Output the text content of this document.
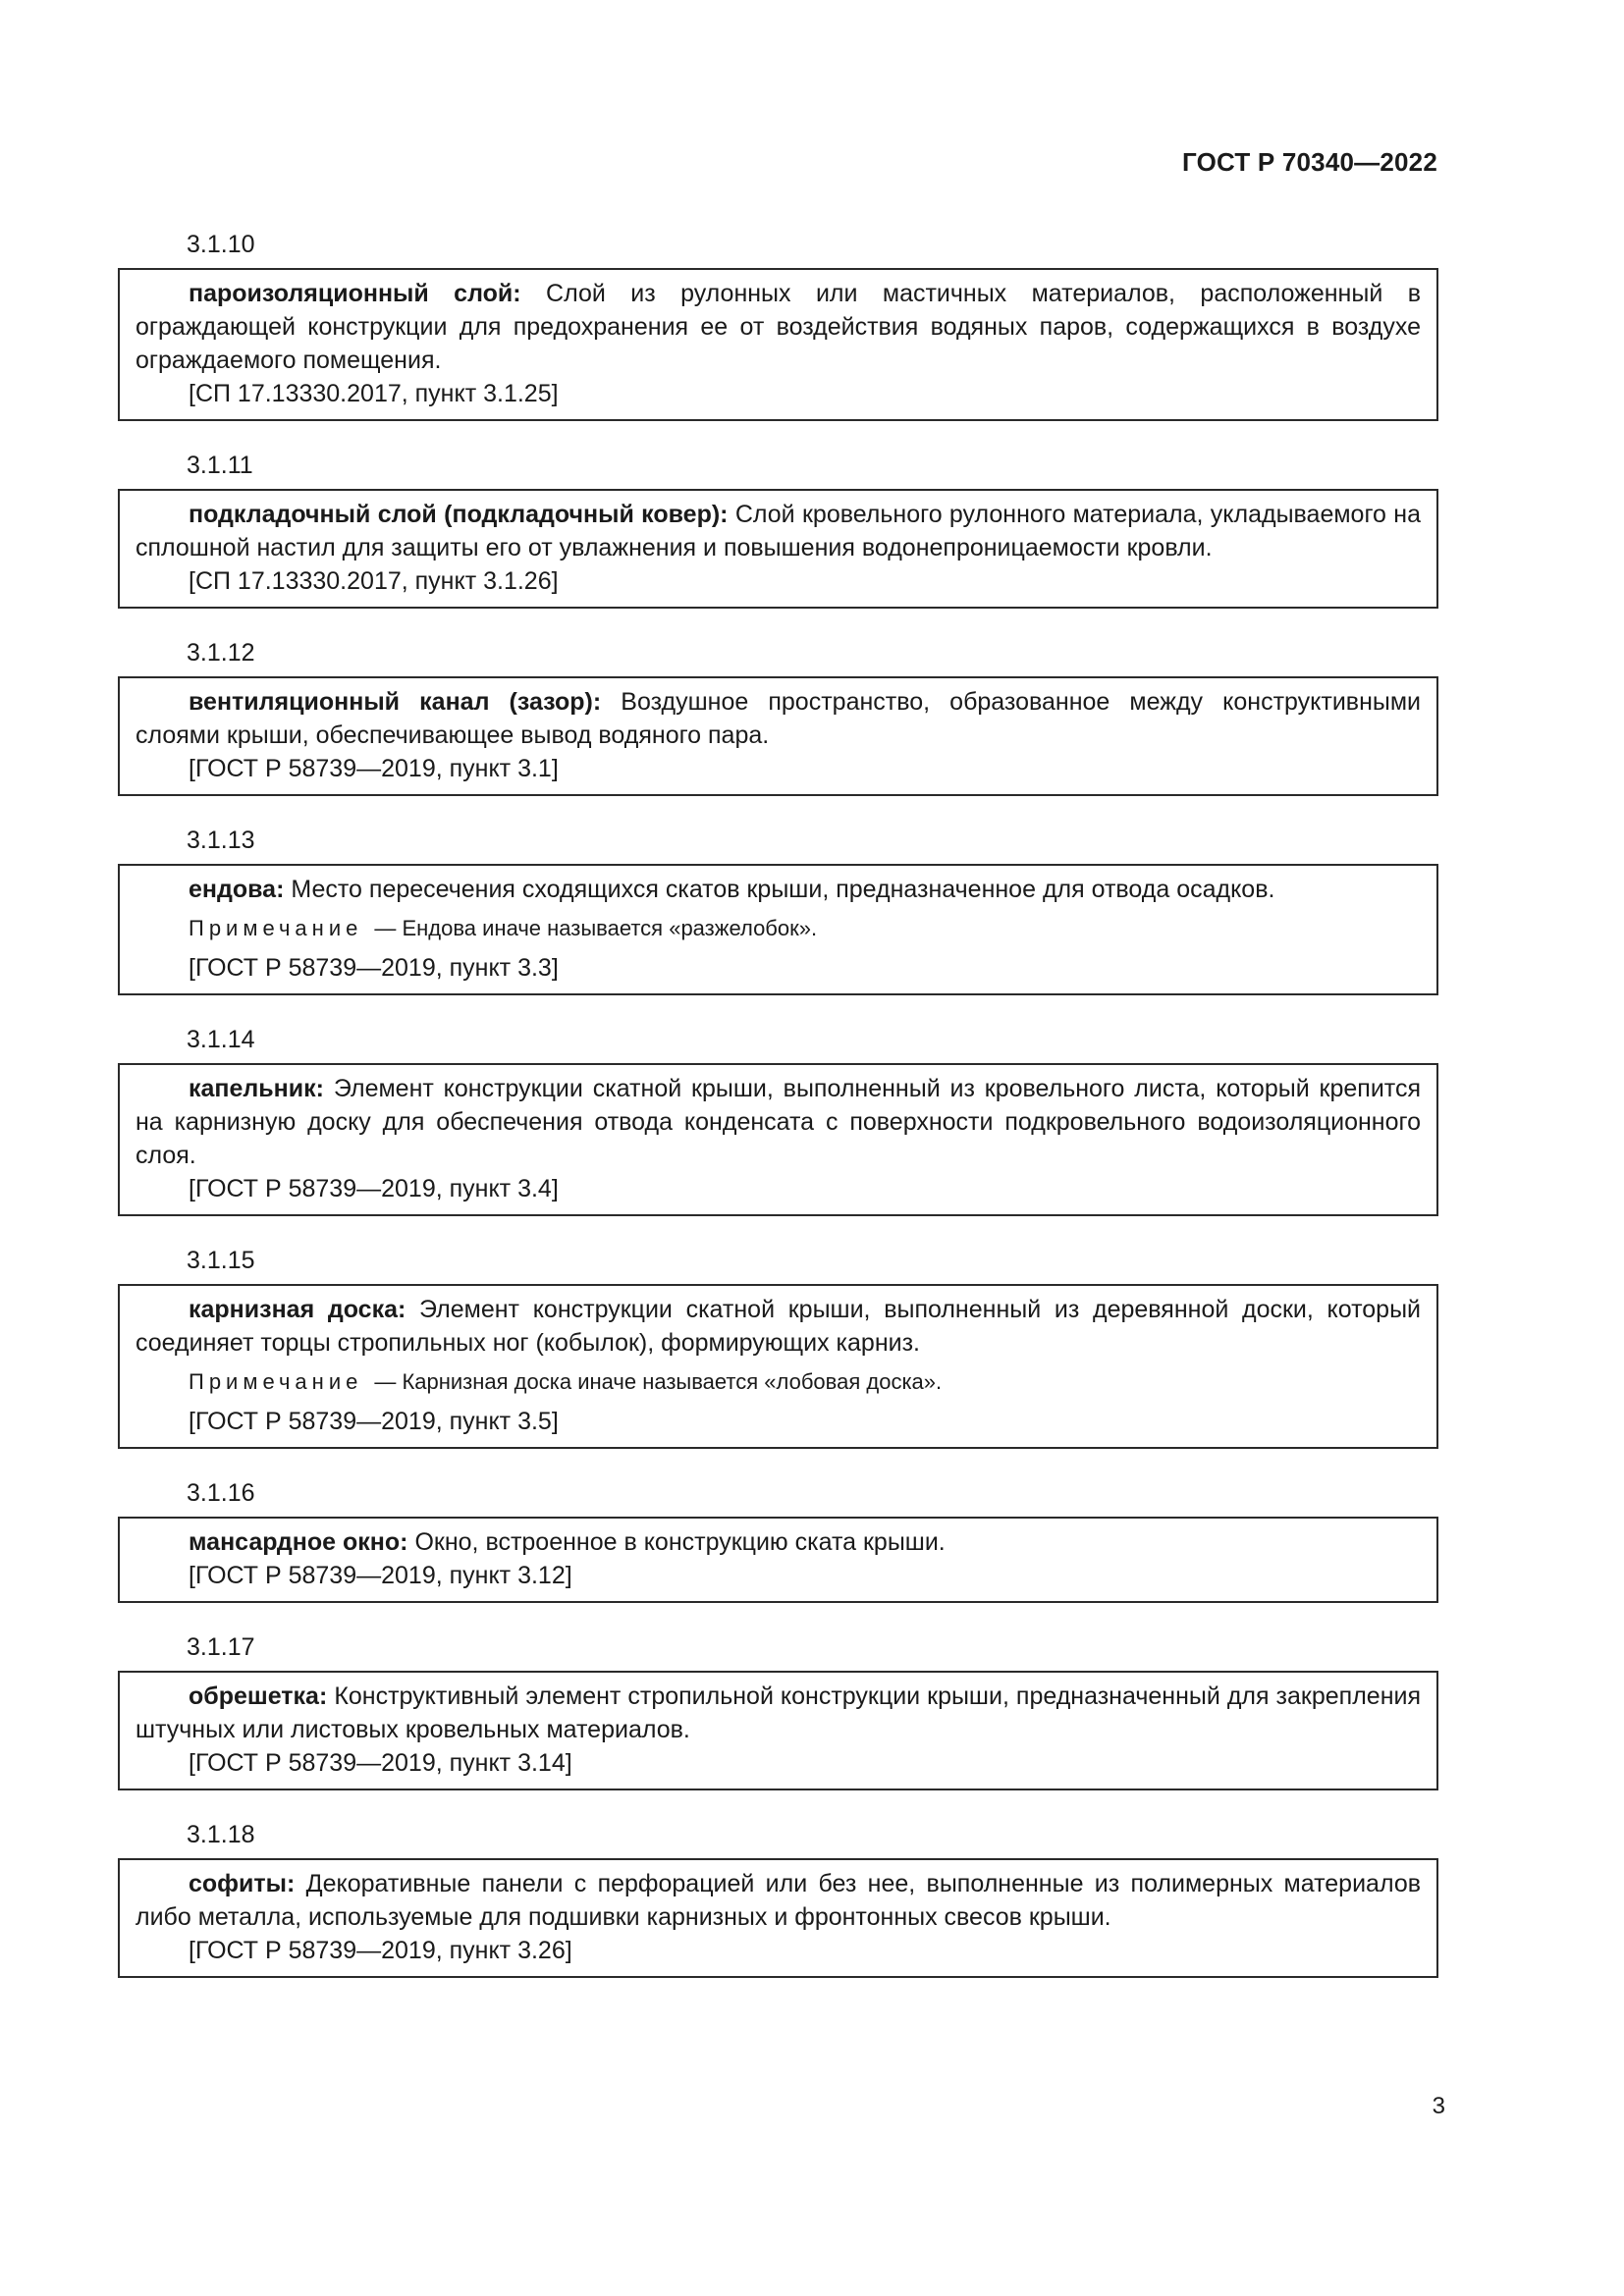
ГОСТ Р 70340—2022
3.1.10
пароизоляционный слой: Слой из рулонных или мастичных материалов, расположенный в ограждающей конструкции для предохранения ее от воздействия водяных паров, содержащихся в воздухе ограждаемого помещения.
[СП 17.13330.2017, пункт 3.1.25]
3.1.11
подкладочный слой (подкладочный ковер): Слой кровельного рулонного материала, укладываемого на сплошной настил для защиты его от увлажнения и повышения водонепроницаемости кровли.
[СП 17.13330.2017, пункт 3.1.26]
3.1.12
вентиляционный канал (зазор): Воздушное пространство, образованное между конструктивными слоями крыши, обеспечивающее вывод водяного пара.
[ГОСТ Р 58739—2019, пункт 3.1]
3.1.13
ендова: Место пересечения сходящихся скатов крыши, предназначенное для отвода осадков.
Примечание — Ендова иначе называется «разжелобок».
[ГОСТ Р 58739—2019, пункт 3.3]
3.1.14
капельник: Элемент конструкции скатной крыши, выполненный из кровельного листа, который крепится на карнизную доску для обеспечения отвода конденсата с поверхности подкровельного водоизоляционного слоя.
[ГОСТ Р 58739—2019, пункт 3.4]
3.1.15
карнизная доска: Элемент конструкции скатной крыши, выполненный из деревянной доски, который соединяет торцы стропильных ног (кобылок), формирующих карниз.
Примечание — Карнизная доска иначе называется «лобовая доска».
[ГОСТ Р 58739—2019, пункт 3.5]
3.1.16
мансардное окно: Окно, встроенное в конструкцию ската крыши.
[ГОСТ Р 58739—2019, пункт 3.12]
3.1.17
обрешетка: Конструктивный элемент стропильной конструкции крыши, предназначенный для закрепления штучных или листовых кровельных материалов.
[ГОСТ Р 58739—2019, пункт 3.14]
3.1.18
софиты: Декоративные панели с перфорацией или без нее, выполненные из полимерных материалов либо металла, используемые для подшивки карнизных и фронтонных свесов крыши.
[ГОСТ Р 58739—2019, пункт 3.26]
3
